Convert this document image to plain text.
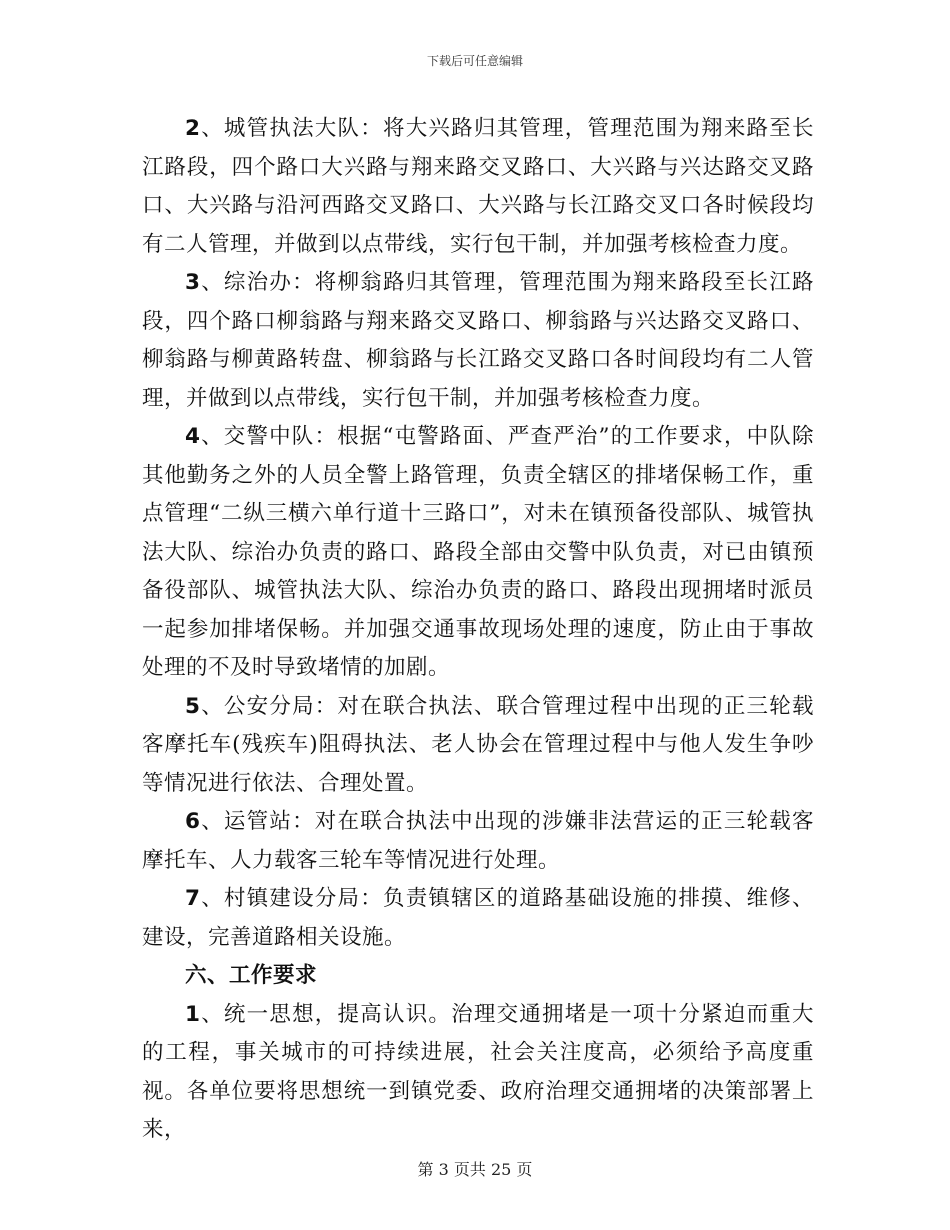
下载后可任意编辑

2、城管执法大队：将大兴路归其管理，管理范围为翔来路至长江路段，四个路口大兴路与翔来路交叉路口、大兴路与兴达路交叉路口、大兴路与沿河西路交叉路口、大兴路与长江路交叉口各时候段均有二人管理，并做到以点带线，实行包干制，并加强考核检查力度。

3、综治办：将柳翁路归其管理，管理范围为翔来路段至长江路段，四个路口柳翁路与翔来路交叉路口、柳翁路与兴达路交叉路口、柳翁路与柳黄路转盘、柳翁路与长江路交叉路口各时间段均有二人管理，并做到以点带线，实行包干制，并加强考核检查力度。

4、交警中队：根据“屯警路面、严查严治”的工作要求，中队除其他勤务之外的人员全警上路管理，负责全辖区的排堵保畅工作，重点管理“二纵三横六单行道十三路口”，对未在镇预备役部队、城管执法大队、综治办负责的路口、路段全部由交警中队负责，对已由镇预备役部队、城管执法大队、综治办负责的路口、路段出现拥堵时派员一起参加排堵保畅。并加强交通事故现场处理的速度，防止由于事故处理的不及时导致堵情的加剧。

5、公安分局：对在联合执法、联合管理过程中出现的正三轮载客摩托车(残疾车)阻碍执法、老人协会在管理过程中与他人发生争吵等情况进行依法、合理处置。

6、运管站：对在联合执法中出现的涉嫌非法营运的正三轮载客摩托车、人力载客三轮车等情况进行处理。

7、村镇建设分局：负责镇辖区的道路基础设施的排摸、维修、建设，完善道路相关设施。

六、工作要求

1、统一思想，提高认识。治理交通拥堵是一项十分紧迫而重大的工程，事关城市的可持续进展，社会关注度高，必须给予高度重视。各单位要将思想统一到镇党委、政府治理交通拥堵的决策部署上来，

第 3 页共 25 页
